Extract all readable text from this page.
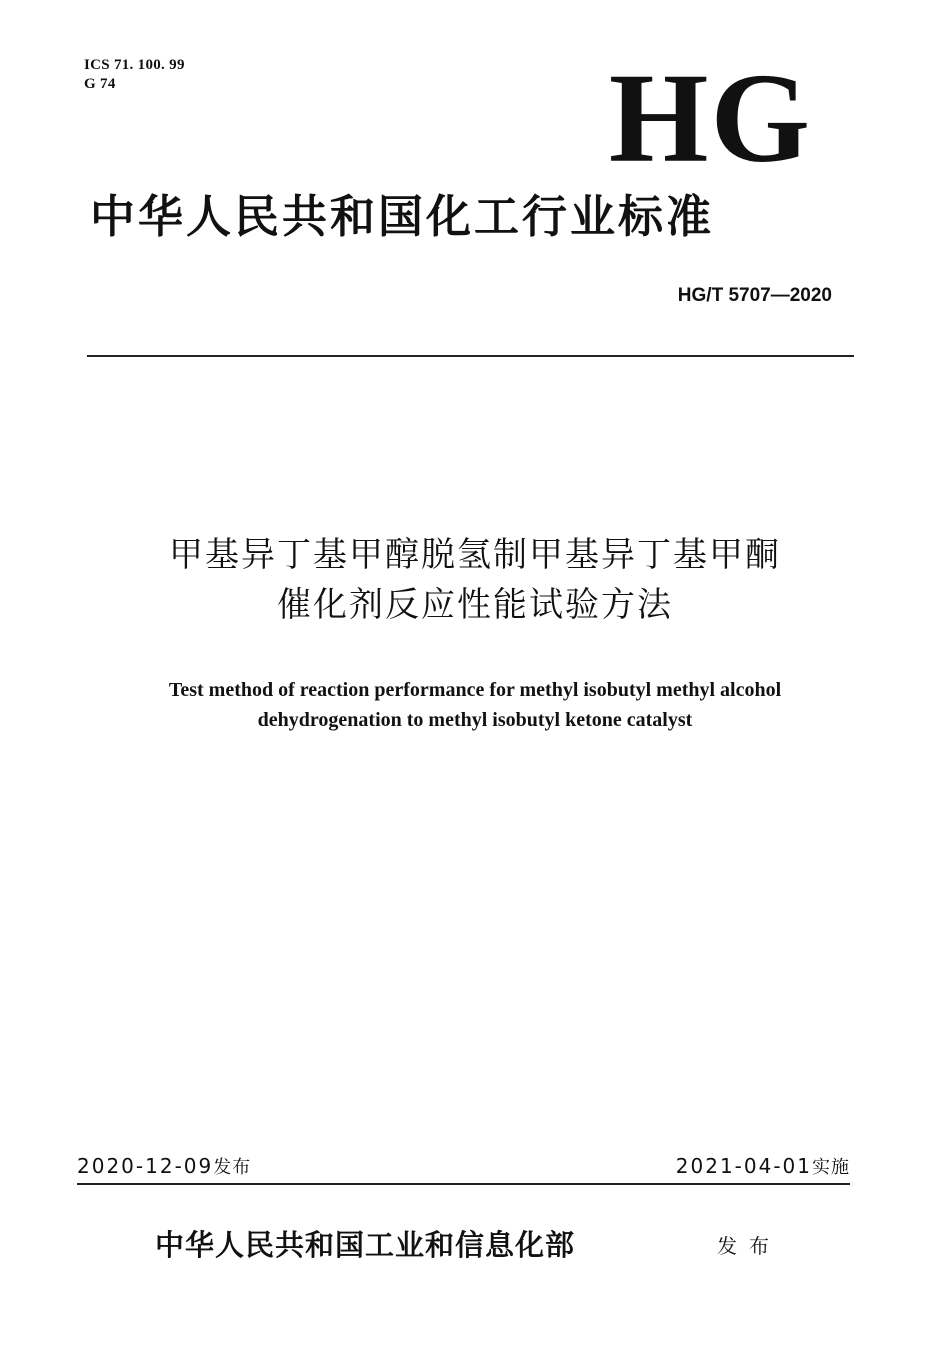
ICS 71. 100. 99
G 74	HG
中华人民共和国化工行业标准
HG/T 5707—2020
甲基异丁基甲醇脱氢制甲基异丁基甲酮
催化剂反应性能试验方法
Test method of reaction performance for methyl isobutyl methyl alcohol
dehydrogenation to methyl isobutyl ketone catalyst
2020-12-09发布	2021-04-01实施
中华人民共和国工业和信息化部	发布
